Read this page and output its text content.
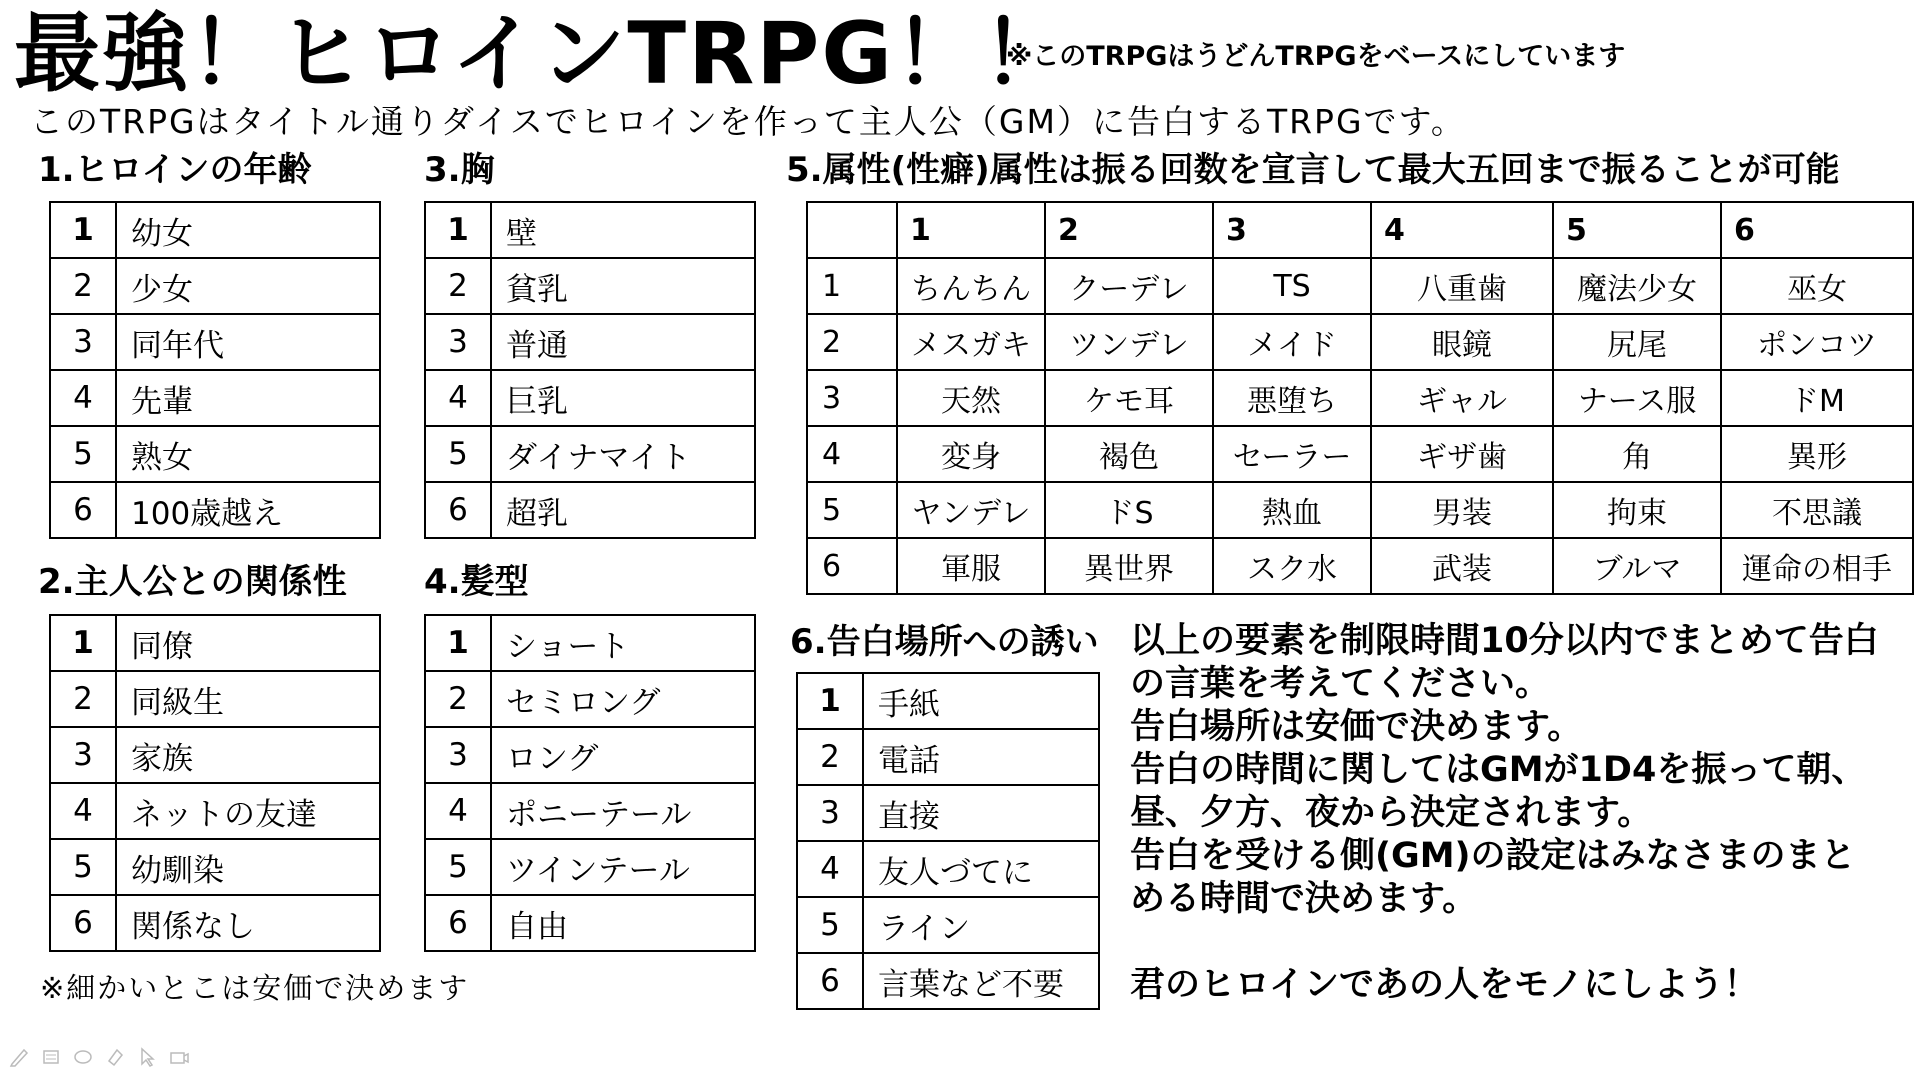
最強！ヒロインTRPG！！
※このTRPGはうどんTRPGをベースにしています
このTRPGはタイトル通りダイスでヒロインを作って主人公（GM）に告白するTRPGです。
1.ヒロインの年齢
1	幼女
2	少女
3	同年代
4	先輩
5	熟女
6	100歳越え
2.主人公との関係性
1	同僚
2	同級生
3	家族
4	ネットの友達
5	幼馴染
6	関係なし
3.胸
1	壁
2	貧乳
3	普通
4	巨乳
5	ダイナマイト
6	超乳
4.髪型
1	ショート
2	セミロング
3	ロング
4	ポニーテール
5	ツインテール
6	自由
5.属性(性癖)属性は振る回数を宣言して最大五回まで振ることが可能
	1	2	3	4	5	6
1	ちんちん	クーデレ	TS	八重歯	魔法少女	巫女
2	メスガキ	ツンデレ	メイド	眼鏡	尻尾	ポンコツ
3	天然	ケモ耳	悪堕ち	ギャル	ナース服	ドM
4	変身	褐色	セーラー	ギザ歯	角	異形
5	ヤンデレ	ドS	熱血	男装	拘束	不思議
6	軍服	異世界	スク水	武装	ブルマ	運命の相手
6.告白場所への誘い
1	手紙
2	電話
3	直接
4	友人づてに
5	ライン
6	言葉など不要
※細かいとこは安価で決めます

以上の要素を制限時間10分以内でまとめて告白の言葉を考えてください。

告白場所は安価で決めます。

告白の時間に関してはGMが1D4を振って朝、昼、夕方、夜から決定されます。

告白を受ける側(GM)の設定はみなさまのまとめる時間で決めます。

君のヒロインであの人をモノにしよう！
